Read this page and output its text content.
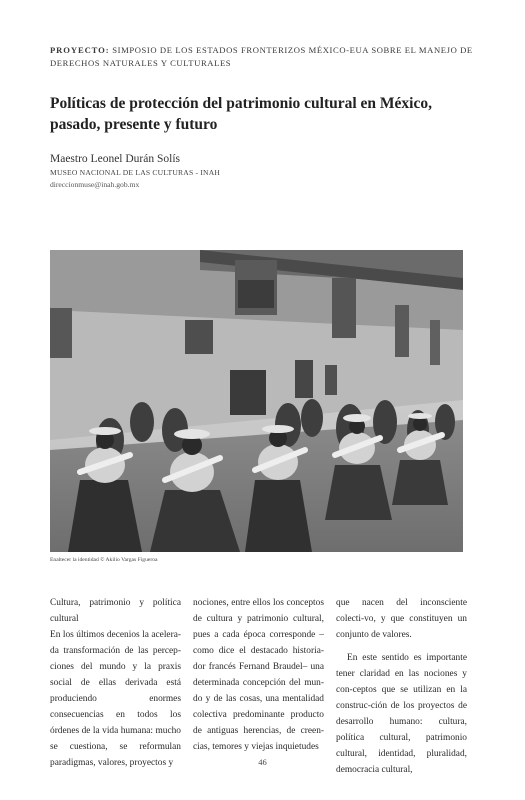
PROYECTO: SIMPOSIO DE LOS ESTADOS FRONTERIZOS MÉXICO-EUA SOBRE EL MANEJO DE DERECHOS NATURALES Y CULTURALES
Políticas de protección del patrimonio cultural en México, pasado, presente y futuro
Maestro Leonel Durán Solís
MUSEO NACIONAL DE LAS CULTURAS - INAH
direccionmuse@inah.gob.mx
Enaltecer la identidad © Akilio Vargas Figueroa

Cultura, patrimonio y política cultural

En los últimos decenios la acelera-da transformación de las percep-ciones del mundo y la praxis social de ellas derivada está produciendo enormes consecuencias en todos los órdenes de la vida humana: mucho se cuestiona, se reformulan paradigmas, valores, proyectos y

nociones, entre ellos los conceptos de cultura y patrimonio cultural, pues a cada época corresponde –como dice el destacado historia-dor francés Fernand Braudel– una determinada concepción del mun-do y de las cosas, una mentalidad colectiva predominante producto de antiguas herencias, de creen-cias, temores y viejas inquietudes

que nacen del inconsciente colecti-vo, y que constituyen un conjunto de valores.

En este sentido es importante tener claridad en las nociones y con-ceptos que se utilizan en la construc-ción de los proyectos de desarrollo humano: cultura, política cultural, patrimonio cultural, identidad, pluralidad, democracia cultural,

46
